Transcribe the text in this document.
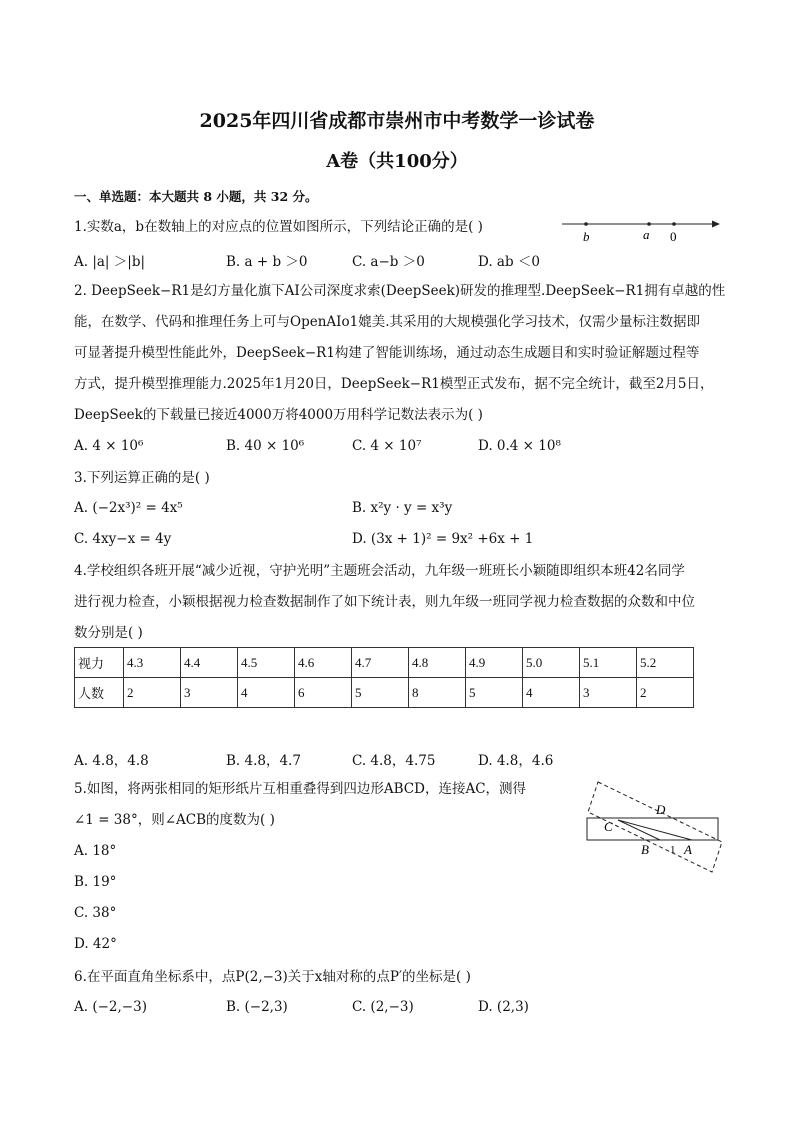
2025年四川省成都市崇州市中考数学一诊试卷
A卷（共100分）
一、单选题：本大题共 8 小题，共 32 分。
1.实数a，b在数轴上的对应点的位置如图所示，下列结论正确的是( )
b	a 0
A. |a| ＞|b|	B. a + b ＞0	C. a−b ＞0	D. ab ＜0
2. DeepSeek−R1是幻方量化旗下AI公司深度求索(DeepSeek)研发的推理型.DeepSeek−R1拥有卓越的性
能，在数学、代码和推理任务上可与OpenAIo1媲美.其采用的大规模强化学习技术，仅需少量标注数据即
可显著提升模型性能此外，DeepSeek−R1构建了智能训练场，通过动态生成题目和实时验证解题过程等
方式，提升模型推理能力.2025年1月20日，DeepSeek−R1模型正式发布，据不完全统计，截至2月5日，
DeepSeek的下载量已接近4000万将4000万用科学记数法表示为( )
A. 4 × 10⁶	B. 40 × 10⁶	C. 4 × 10⁷	D. 0.4 × 10⁸
3.下列运算正确的是( )
A. (−2x³)² = 4x⁵	B. x²y · y = x³y
C. 4xy−x = 4y	D. (3x + 1)² = 9x² +6x + 1
4.学校组织各班开展“减少近视，守护光明”主题班会活动，九年级一班班长小颖随即组织本班42名同学
进行视力检查，小颖根据视力检查数据制作了如下统计表，则九年级一班同学视力检查数据的众数和中位
数分别是( )
视力	4.3	4.4	4.5	4.6	4.7	4.8	4.9	5.0	5.1	5.2
人数	2	3	4	6	5	8	5	4	3	2
A. 4.8，4.8	B. 4.8，4.7	C. 4.8，4.75	D. 4.8，4.6
5.如图，将两张相同的矩形纸片互相重叠得到四边形ABCD，连接AC，测得
∠1 = 38°，则∠ACB的度数为( )
A. 18°
B. 19°
C. 38°
D. 42°
D
C
B 1 A
6.在平面直角坐标系中，点P(2,−3)关于x轴对称的点P′的坐标是( )
A. (−2,−3)	B. (−2,3)	C. (2,−3)	D. (2,3)
